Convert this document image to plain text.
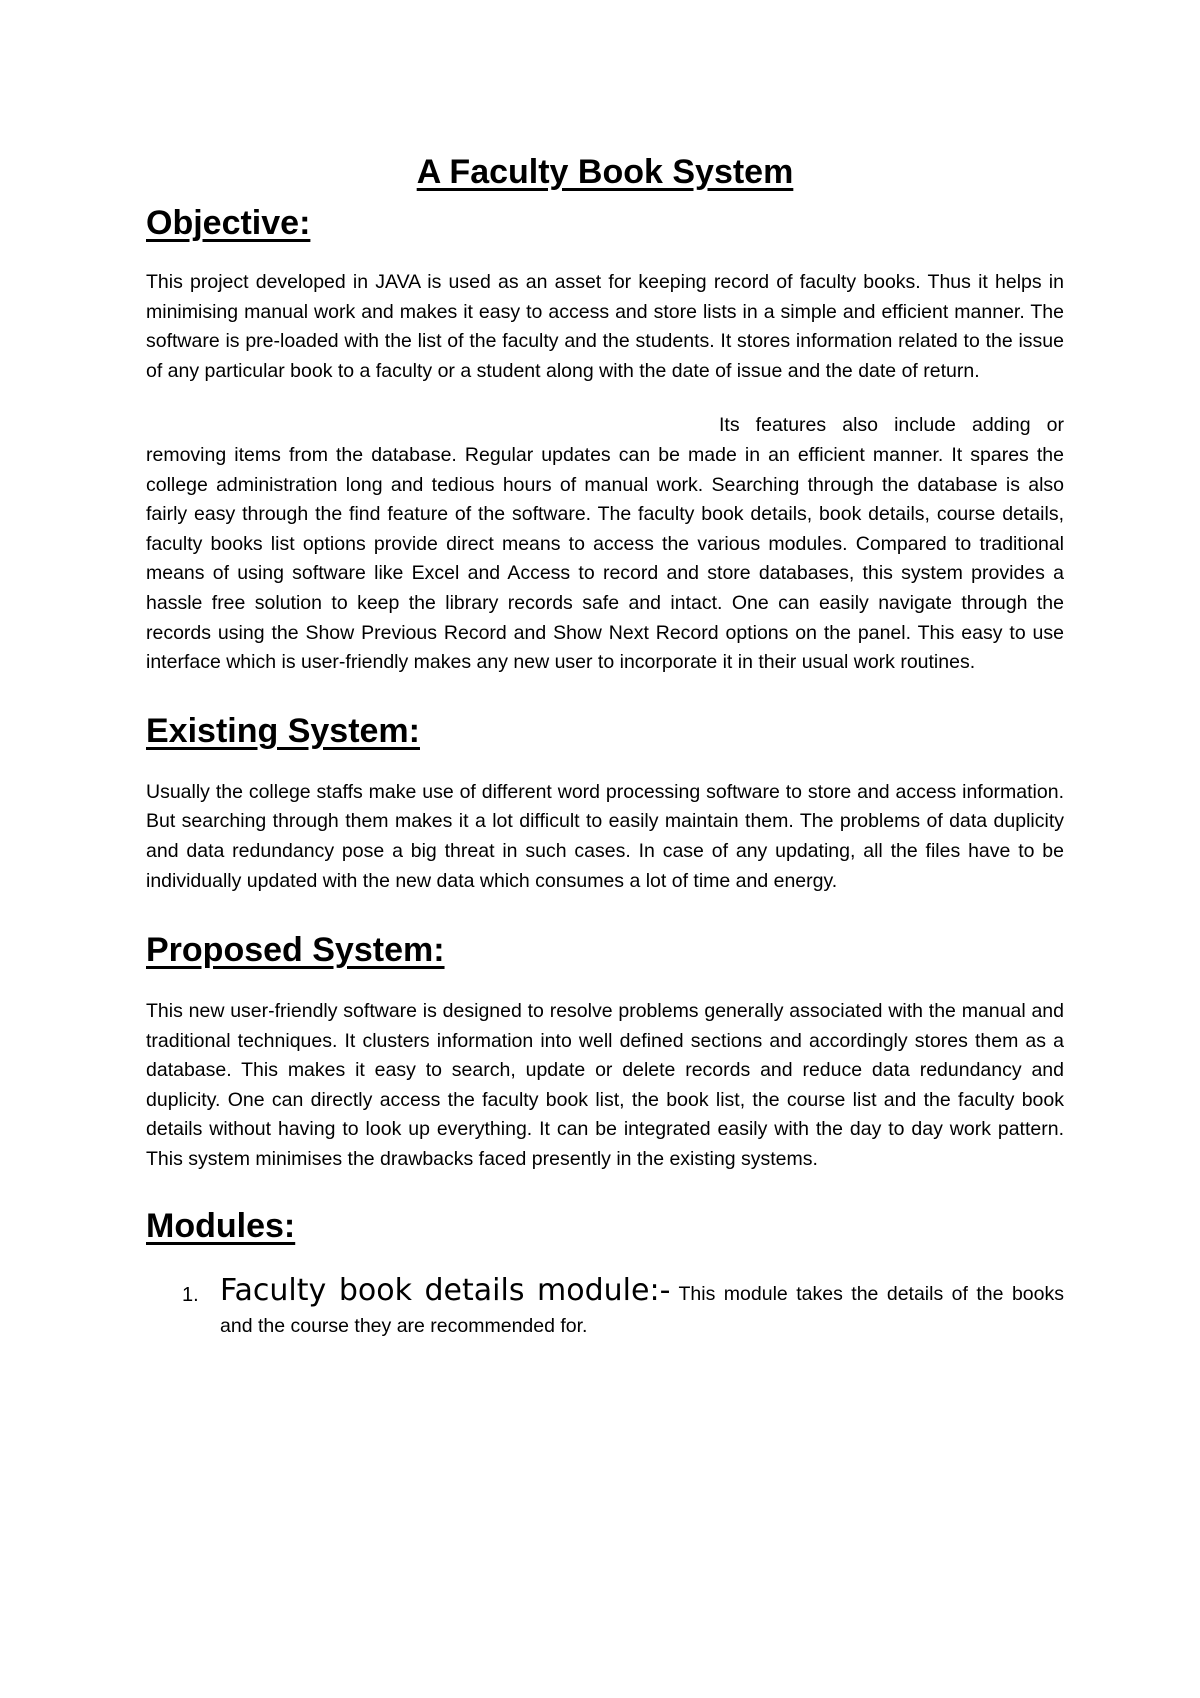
A Faculty Book System
Objective:

This project developed in JAVA is used as an asset for keeping record of faculty books. Thus it helps in minimising manual work and makes it easy to access and store lists in a simple and efficient manner. The software is pre-loaded with the list of the faculty and the students. It stores information related to the issue of any particular book to a faculty or a student along with the date of issue and the date of return.

Its features also include adding or removing items from the database. Regular updates can be made in an efficient manner. It spares the college administration long and tedious hours of manual work. Searching through the database is also fairly easy through the find feature of the software. The faculty book details, book details, course details, faculty books list options provide direct means to access the various modules. Compared to traditional means of using software like Excel and Access to record and store databases, this system provides a hassle free solution to keep the library records safe and intact. One can easily navigate through the records using the Show Previous Record and Show Next Record options on the panel. This easy to use interface which is user-friendly makes any new user to incorporate it in their usual work routines.

Existing System:

Usually the college staffs make use of different word processing software to store and access information. But searching through them makes it a lot difficult to easily maintain them. The problems of data duplicity and data redundancy pose a big threat in such cases. In case of any updating, all the files have to be individually updated with the new data which consumes a lot of time and energy.

Proposed System:

This new user-friendly software is designed to resolve problems generally associated with the manual and traditional techniques. It clusters information into well defined sections and accordingly stores them as a database. This makes it easy to search, update or delete records and reduce data redundancy and duplicity. One can directly access the faculty book list, the book list, the course list and the faculty book details without having to look up everything. It can be integrated easily with the day to day work pattern. This system minimises the drawbacks faced presently in the existing systems.

Modules:
1. Faculty book details module:- This module takes the details of the books and the course they are recommended for.
